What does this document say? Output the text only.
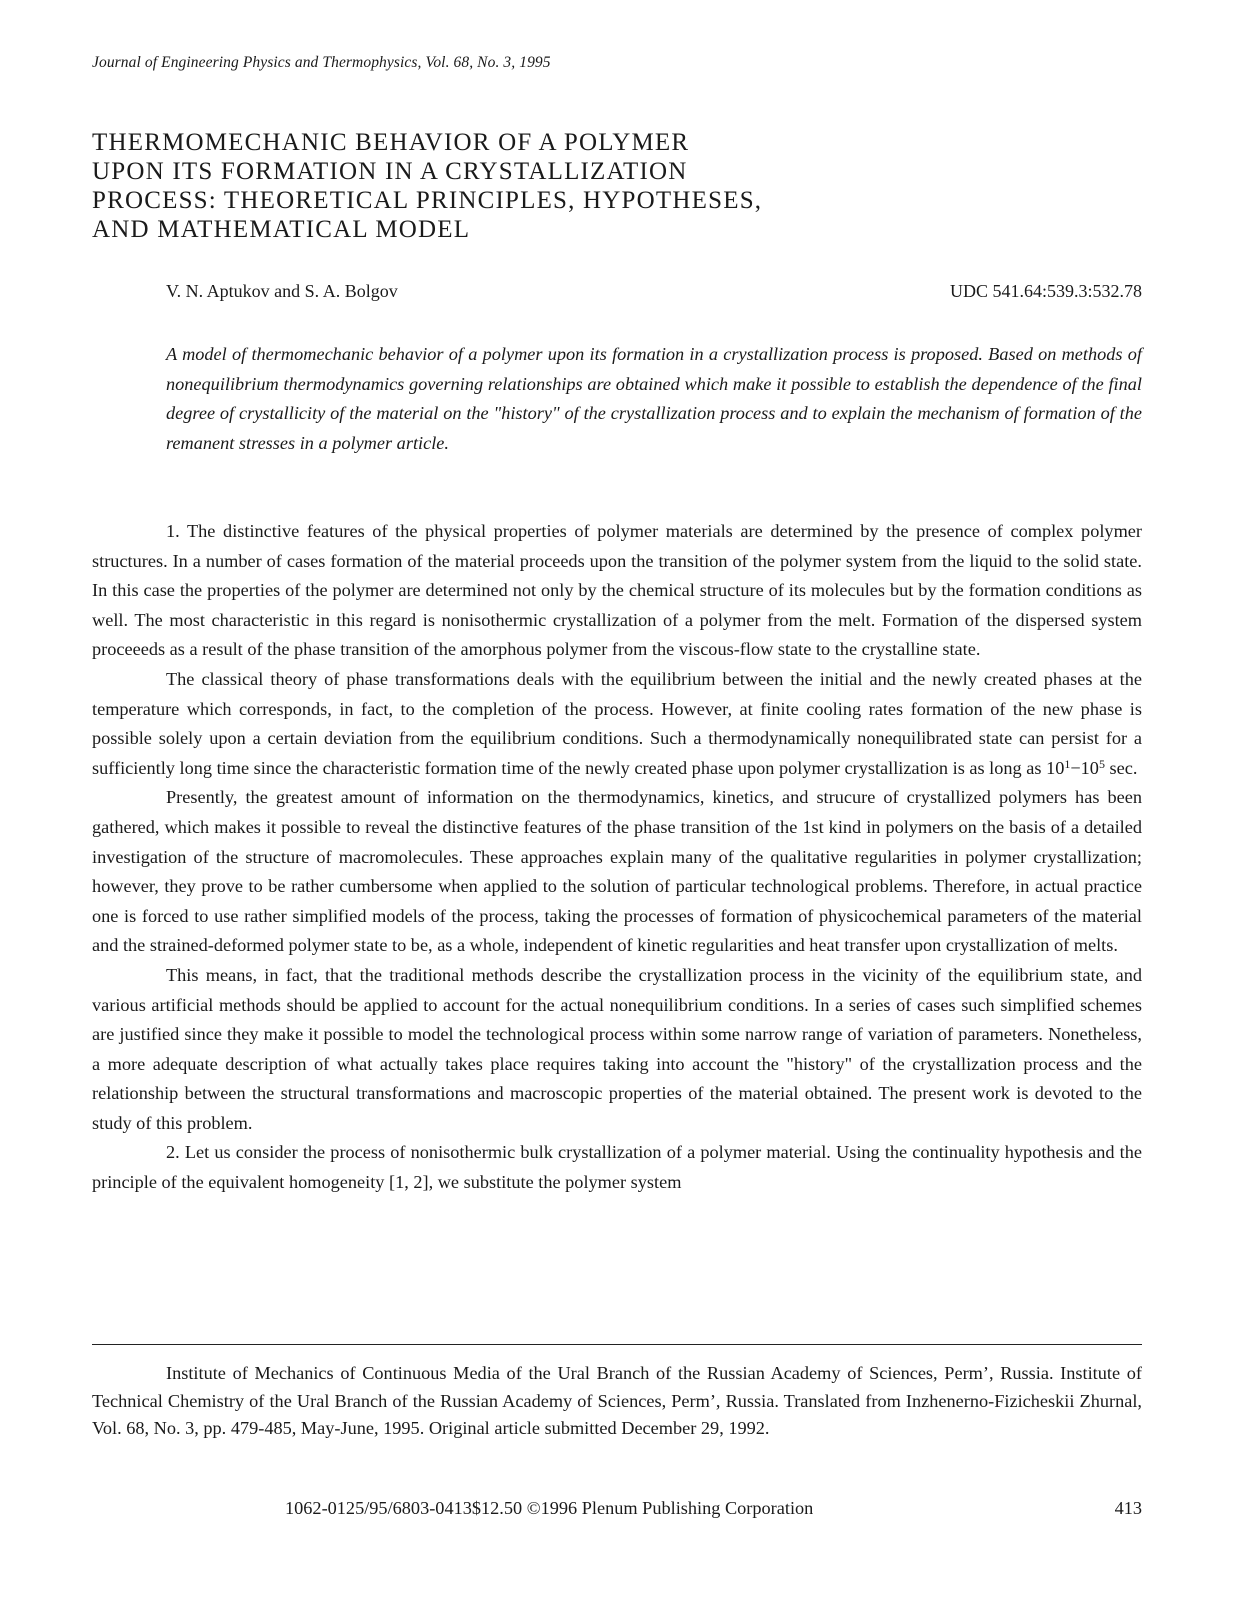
Journal of Engineering Physics and Thermophysics, Vol. 68, No. 3, 1995
THERMOMECHANIC BEHAVIOR OF A POLYMER
UPON ITS FORMATION IN A CRYSTALLIZATION
PROCESS: THEORETICAL PRINCIPLES, HYPOTHESES,
AND MATHEMATICAL MODEL
V. N. Aptukov and S. A. Bolgov	UDC 541.64:539.3:532.78

A model of thermomechanic behavior of a polymer upon its formation in a crystallization process is proposed. Based on methods of nonequilibrium thermodynamics governing relationships are obtained which make it possible to establish the dependence of the final degree of crystallicity of the material on the "history" of the crystallization process and to explain the mechanism of formation of the remanent stresses in a polymer article.

1. The distinctive features of the physical properties of polymer materials are determined by the presence of complex polymer structures. In a number of cases formation of the material proceeds upon the transition of the polymer system from the liquid to the solid state. In this case the properties of the polymer are determined not only by the chemical structure of its molecules but by the formation conditions as well. The most characteristic in this regard is nonisothermic crystallization of a polymer from the melt. Formation of the dispersed system proceeeds as a result of the phase transition of the amorphous polymer from the viscous-flow state to the crystalline state.

The classical theory of phase transformations deals with the equilibrium between the initial and the newly created phases at the temperature which corresponds, in fact, to the completion of the process. However, at finite cooling rates formation of the new phase is possible solely upon a certain deviation from the equilibrium conditions. Such a thermodynamically nonequilibrated state can persist for a sufficiently long time since the characteristic formation time of the newly created phase upon polymer crystallization is as long as $10^1-10^5$ sec.

Presently, the greatest amount of information on the thermodynamics, kinetics, and strucure of crystallized polymers has been gathered, which makes it possible to reveal the distinctive features of the phase transition of the 1st kind in polymers on the basis of a detailed investigation of the structure of macromolecules. These approaches explain many of the qualitative regularities in polymer crystallization; however, they prove to be rather cumbersome when applied to the solution of particular technological problems. Therefore, in actual practice one is forced to use rather simplified models of the process, taking the processes of formation of physicochemical parameters of the material and the strained-deformed polymer state to be, as a whole, independent of kinetic regularities and heat transfer upon crystallization of melts.

This means, in fact, that the traditional methods describe the crystallization process in the vicinity of the equilibrium state, and various artificial methods should be applied to account for the actual nonequilibrium conditions. In a series of cases such simplified schemes are justified since they make it possible to model the technological process within some narrow range of variation of parameters. Nonetheless, a more adequate description of what actually takes place requires taking into account the "history" of the crystallization process and the relationship between the structural transformations and macroscopic properties of the material obtained. The present work is devoted to the study of this problem.

2. Let us consider the process of nonisothermic bulk crystallization of a polymer material. Using the continuality hypothesis and the principle of the equivalent homogeneity [1, 2], we substitute the polymer system

Institute of Mechanics of Continuous Media of the Ural Branch of the Russian Academy of Sciences, Perm’, Russia. Institute of Technical Chemistry of the Ural Branch of the Russian Academy of Sciences, Perm’, Russia. Translated from Inzhenerno-Fizicheskii Zhurnal, Vol. 68, No. 3, pp. 479-485, May-June, 1995. Original article submitted December 29, 1992.

1062-0125/95/6803-0413$12.50 ©1996 Plenum Publishing Corporation	413
